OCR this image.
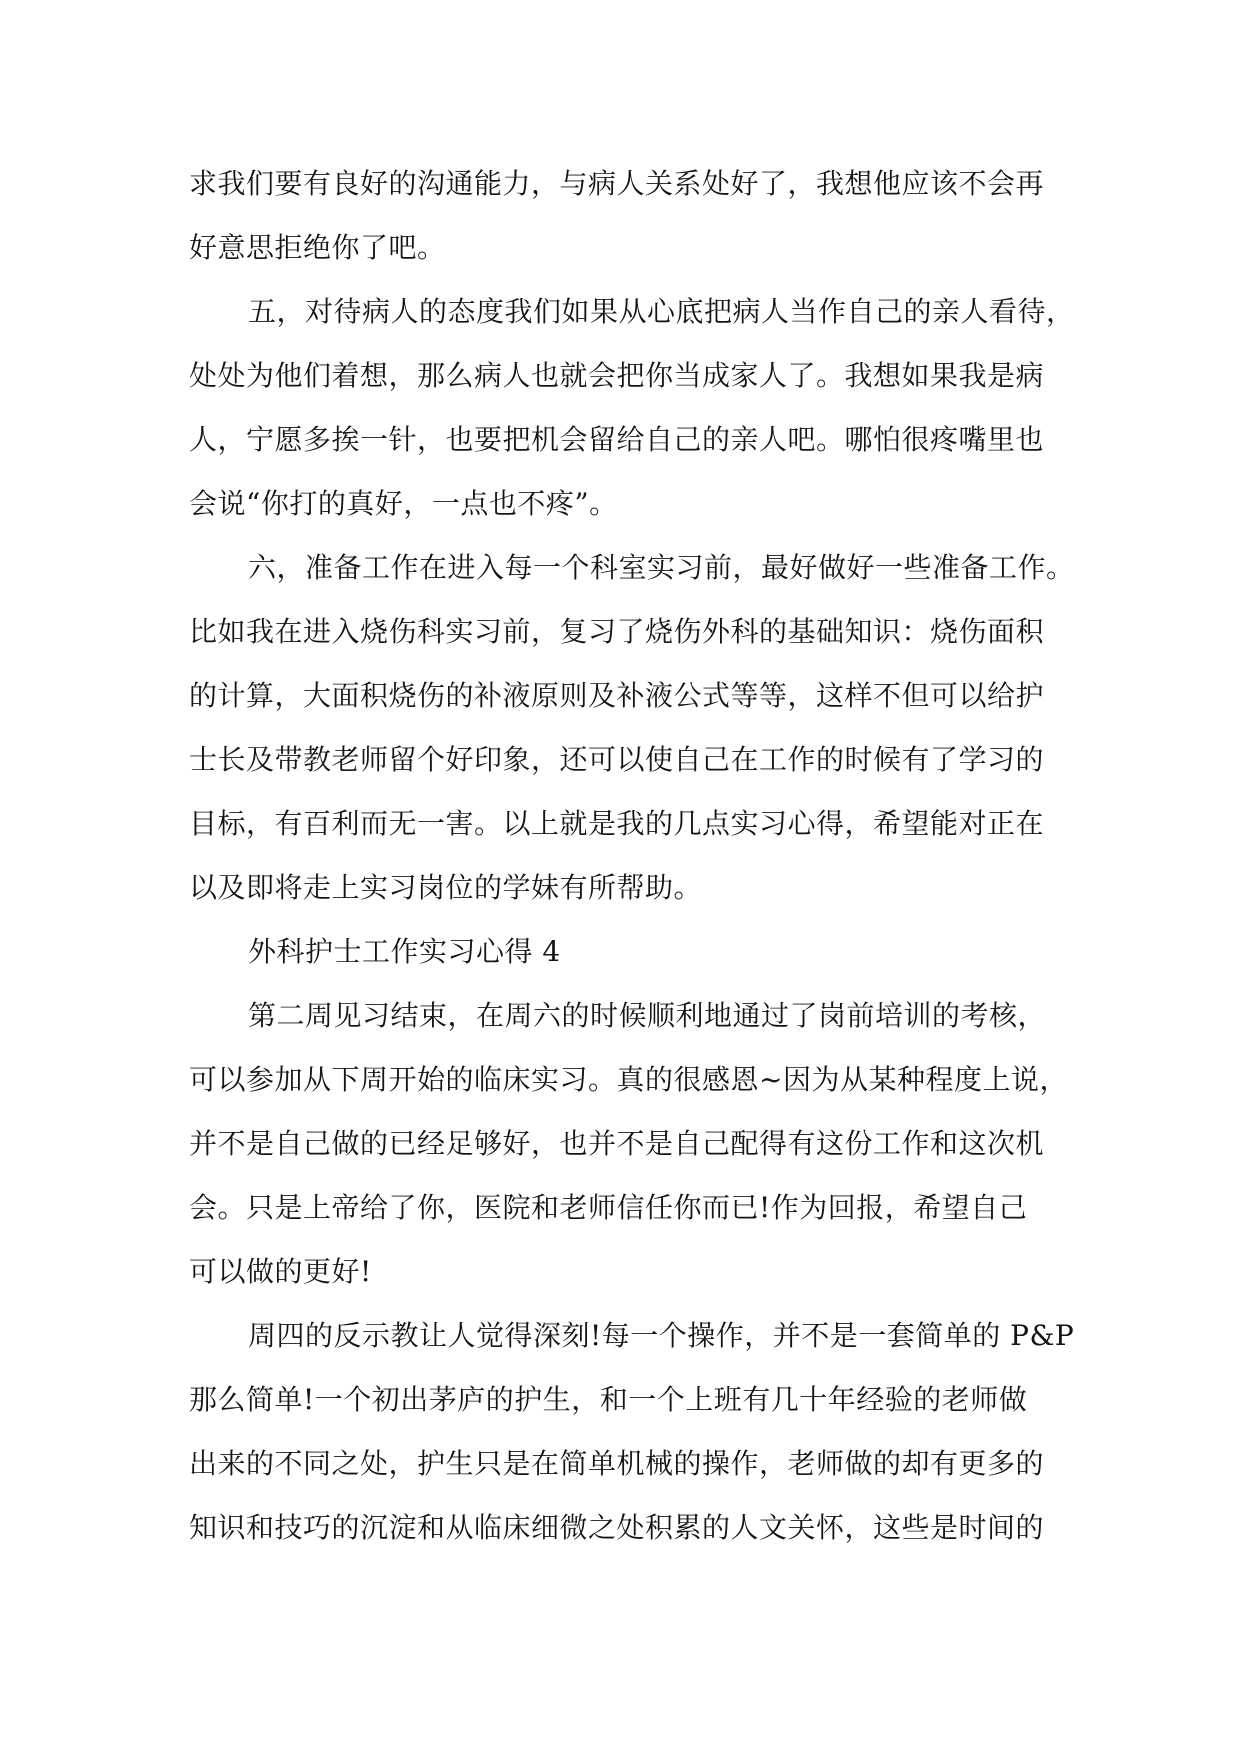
求我们要有良好的沟通能力，与病人关系处好了，我想他应该不会再
好意思拒绝你了吧。
五，对待病人的态度我们如果从心底把病人当作自己的亲人看待，
处处为他们着想，那么病人也就会把你当成家人了。我想如果我是病
人，宁愿多挨一针，也要把机会留给自己的亲人吧。哪怕很疼嘴里也
会说“你打的真好，一点也不疼”。
六，准备工作在进入每一个科室实习前，最好做好一些准备工作。
比如我在进入烧伤科实习前，复习了烧伤外科的基础知识：烧伤面积
的计算，大面积烧伤的补液原则及补液公式等等，这样不但可以给护
士长及带教老师留个好印象，还可以使自己在工作的时候有了学习的
目标，有百利而无一害。以上就是我的几点实习心得，希望能对正在
以及即将走上实习岗位的学妹有所帮助。
外科护士工作实习心得 4
第二周见习结束，在周六的时候顺利地通过了岗前培训的考核，
可以参加从下周开始的临床实习。真的很感恩~因为从某种程度上说，
并不是自己做的已经足够好，也并不是自己配得有这份工作和这次机
会。只是上帝给了你，医院和老师信任你而已!作为回报，希望自己
可以做的更好!
周四的反示教让人觉得深刻!每一个操作，并不是一套简单的 P&P
那么简单!一个初出茅庐的护生，和一个上班有几十年经验的老师做
出来的不同之处，护生只是在简单机械的操作，老师做的却有更多的
知识和技巧的沉淀和从临床细微之处积累的人文关怀，这些是时间的
